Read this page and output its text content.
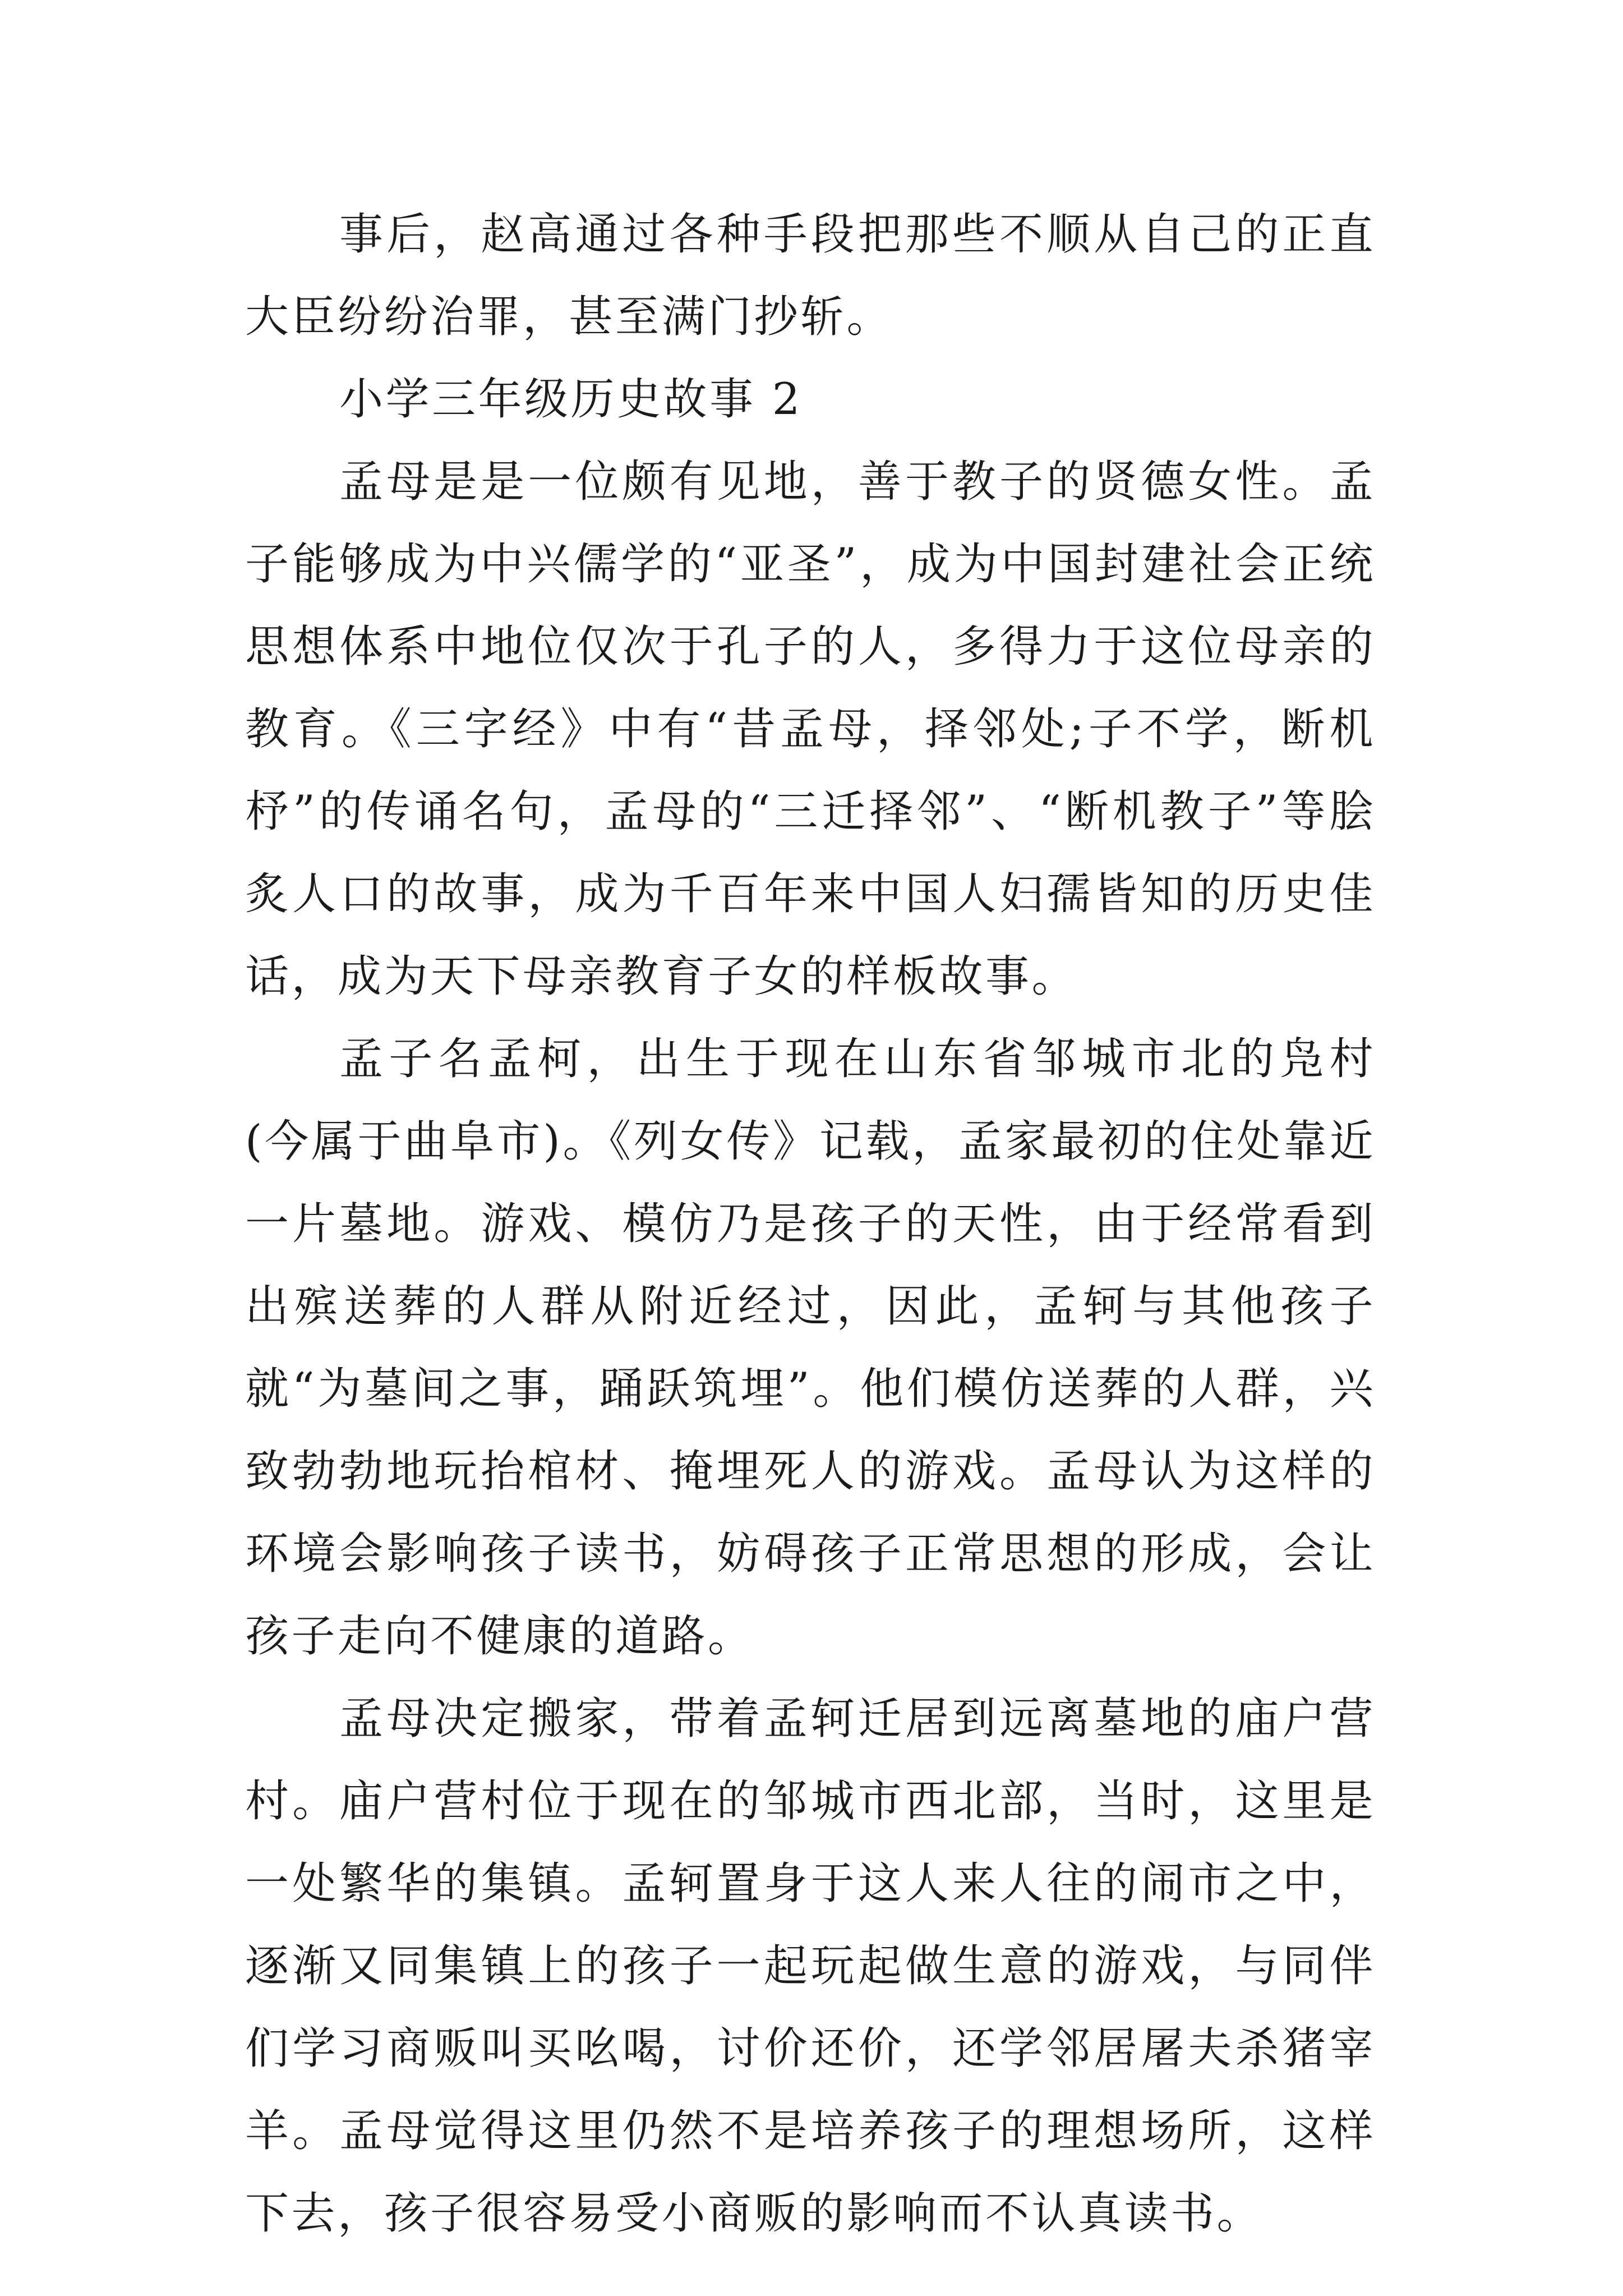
事后，赵高通过各种手段把那些不顺从自己的正直大臣纷纷治罪，甚至满门抄斩。

小学三年级历史故事 2

孟母是是一位颇有见地，善于教子的贤德女性。孟子能够成为中兴儒学的“亚圣”，成为中国封建社会正统思想体系中地位仅次于孔子的人，多得力于这位母亲的教育。《三字经》中有“昔孟母，择邻处;子不学，断机杼”的传诵名句，孟母的“三迁择邻”、“断机教子”等脍炙人口的故事，成为千百年来中国人妇孺皆知的历史佳话，成为天下母亲教育子女的样板故事。

孟子名孟柯，出生于现在山东省邹城市北的凫村(今属于曲阜市)。《列女传》记载，孟家最初的住处靠近一片墓地。游戏、模仿乃是孩子的天性，由于经常看到出殡送葬的人群从附近经过，因此，孟轲与其他孩子就“为墓间之事，踊跃筑埋”。他们模仿送葬的人群，兴致勃勃地玩抬棺材、掩埋死人的游戏。孟母认为这样的环境会影响孩子读书，妨碍孩子正常思想的形成，会让孩子走向不健康的道路。

孟母决定搬家，带着孟轲迁居到远离墓地的庙户营村。庙户营村位于现在的邹城市西北部，当时，这里是一处繁华的集镇。孟轲置身于这人来人往的闹市之中，逐渐又同集镇上的孩子一起玩起做生意的游戏，与同伴们学习商贩叫买吆喝，讨价还价，还学邻居屠夫杀猪宰羊。孟母觉得这里仍然不是培养孩子的理想场所，这样下去，孩子很容易受小商贩的影响而不认真读书。
